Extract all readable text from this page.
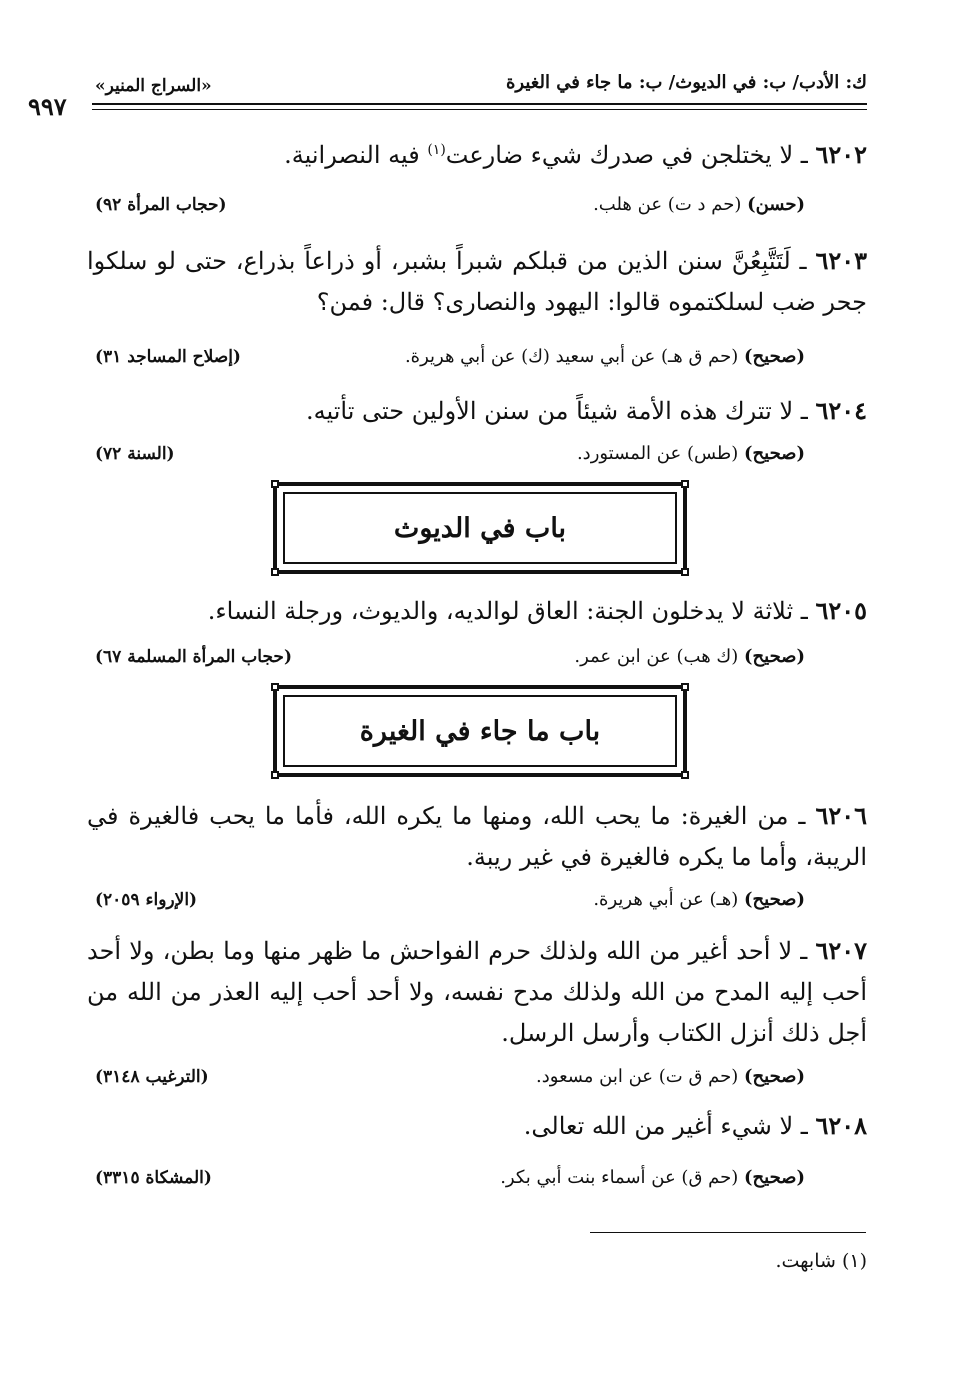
«السراج المنير»	ك: الأدب/ ب: في الديوث/ ب: ما جاء في الغيرة
٩٩٧
٦٢٠٢ ـ لا يختلجن في صدرك شيء ضارعت$^{(١)}$ فيه النصرانية.
(حسن) (حم د ت) عن هلب.
(حجاب المرأة ٩٢)
٦٢٠٣ ـ لَتَتَّبِعُنَّ سنن الذين من قبلكم شبراً بشبر، أو ذراعاً بذراع، حتى لو سلكوا جحر ضب لسلكتموه قالوا: اليهود والنصارى؟ قال: فمن؟
(صحيح) (حم ق هـ) عن أبي سعيد (ك) عن أبي هريرة.
(إصلاح المساجد ٣١)
٦٢٠٤ ـ لا تترك هذه الأمة شيئاً من سنن الأولين حتى تأتيه.
(صحيح) (طس) عن المستورد.
(السنة ٧٢)
باب في الديوث
٦٢٠٥ ـ ثلاثة لا يدخلون الجنة: العاق لوالديه، والديوث، ورجلة النساء.
(صحيح) (ك هب) عن ابن عمر.
(حجاب المرأة المسلمة ٦٧)
باب ما جاء في الغيرة
٦٢٠٦ ـ من الغيرة: ما يحب الله، ومنها ما يكره الله، فأما ما يحب فالغيرة في الريبة، وأما ما يكره فالغيرة في غير ريبة.
(صحيح) (هـ) عن أبي هريرة.
(الإرواء ٢٠٥٩)
٦٢٠٧ ـ لا أحد أغير من الله ولذلك حرم الفواحش ما ظهر منها وما بطن، ولا أحد أحب إليه المدح من الله ولذلك مدح نفسه، ولا أحد أحب إليه العذر من الله من أجل ذلك أنزل الكتاب وأرسل الرسل.
(صحيح) (حم ق ت) عن ابن مسعود.
(الترغيب ٣١٤٨)
٦٢٠٨ ـ لا شيء أغير من الله تعالى.
(صحيح) (حم ق) عن أسماء بنت أبي بكر.
(المشكاة ٣٣١٥)
(١) شابهت.
